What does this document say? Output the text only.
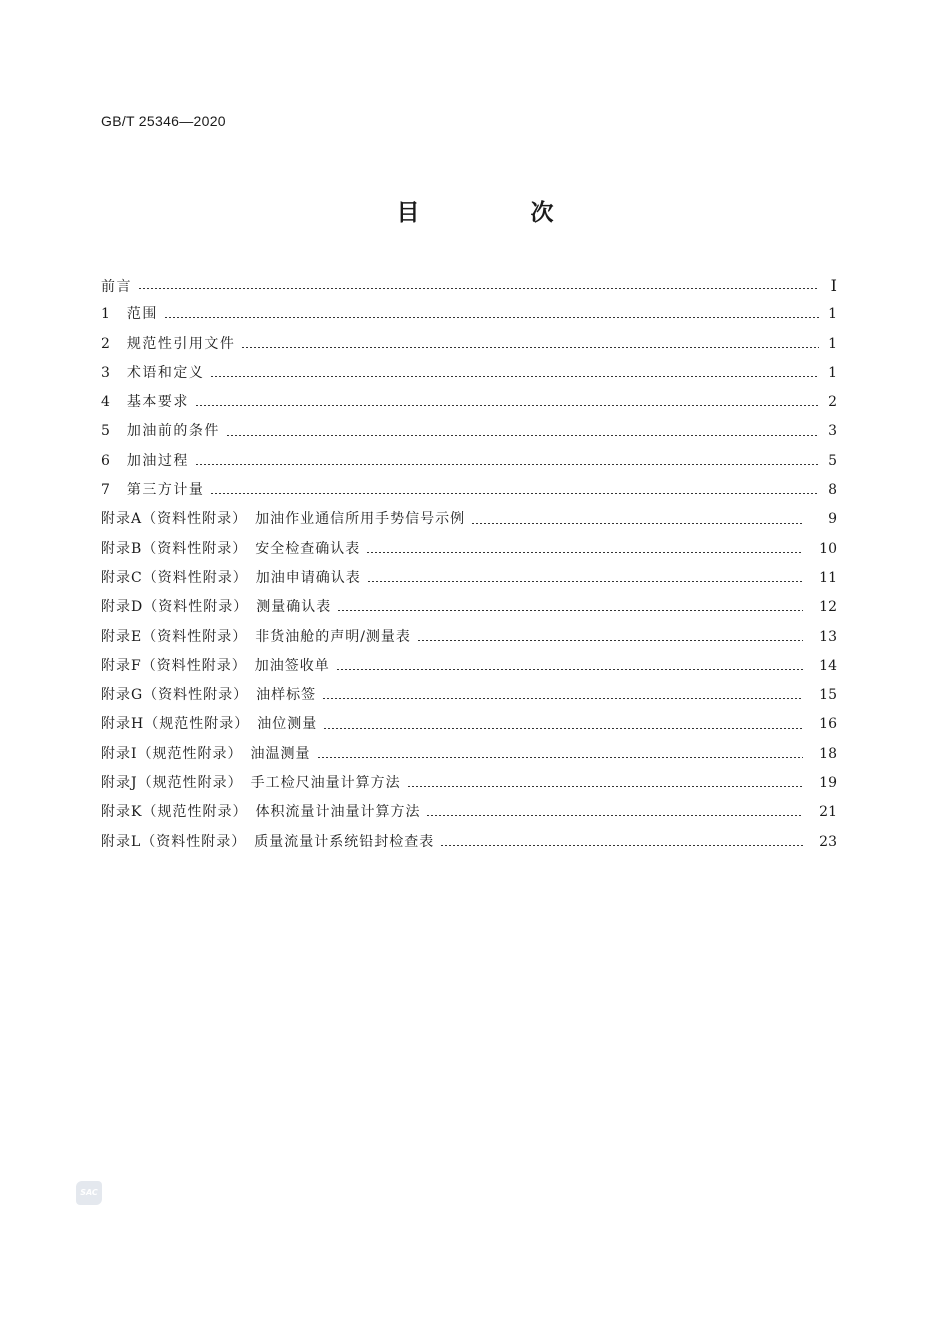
GB/T 25346—2020
目　次
前言	Ⅰ
1　范围	1
2　规范性引用文件	1
3　术语和定义	1
4　基本要求	2
5　加油前的条件	3
6　加油过程	5
7　第三方计量	8
附录A（资料性附录）　加油作业通信所用手势信号示例	9
附录B（资料性附录）　安全检查确认表	10
附录C（资料性附录）　加油申请确认表	11
附录D（资料性附录）　测量确认表	12
附录E（资料性附录）　非货油舱的声明/测量表	13
附录F（资料性附录）　加油签收单	14
附录G（资料性附录）　油样标签	15
附录H（规范性附录）　油位测量	16
附录I（规范性附录）　油温测量	18
附录J（规范性附录）　手工检尺油量计算方法	19
附录K（规范性附录）　体积流量计油量计算方法	21
附录L（资料性附录）　质量流量计系统铅封检查表	23
SAC
